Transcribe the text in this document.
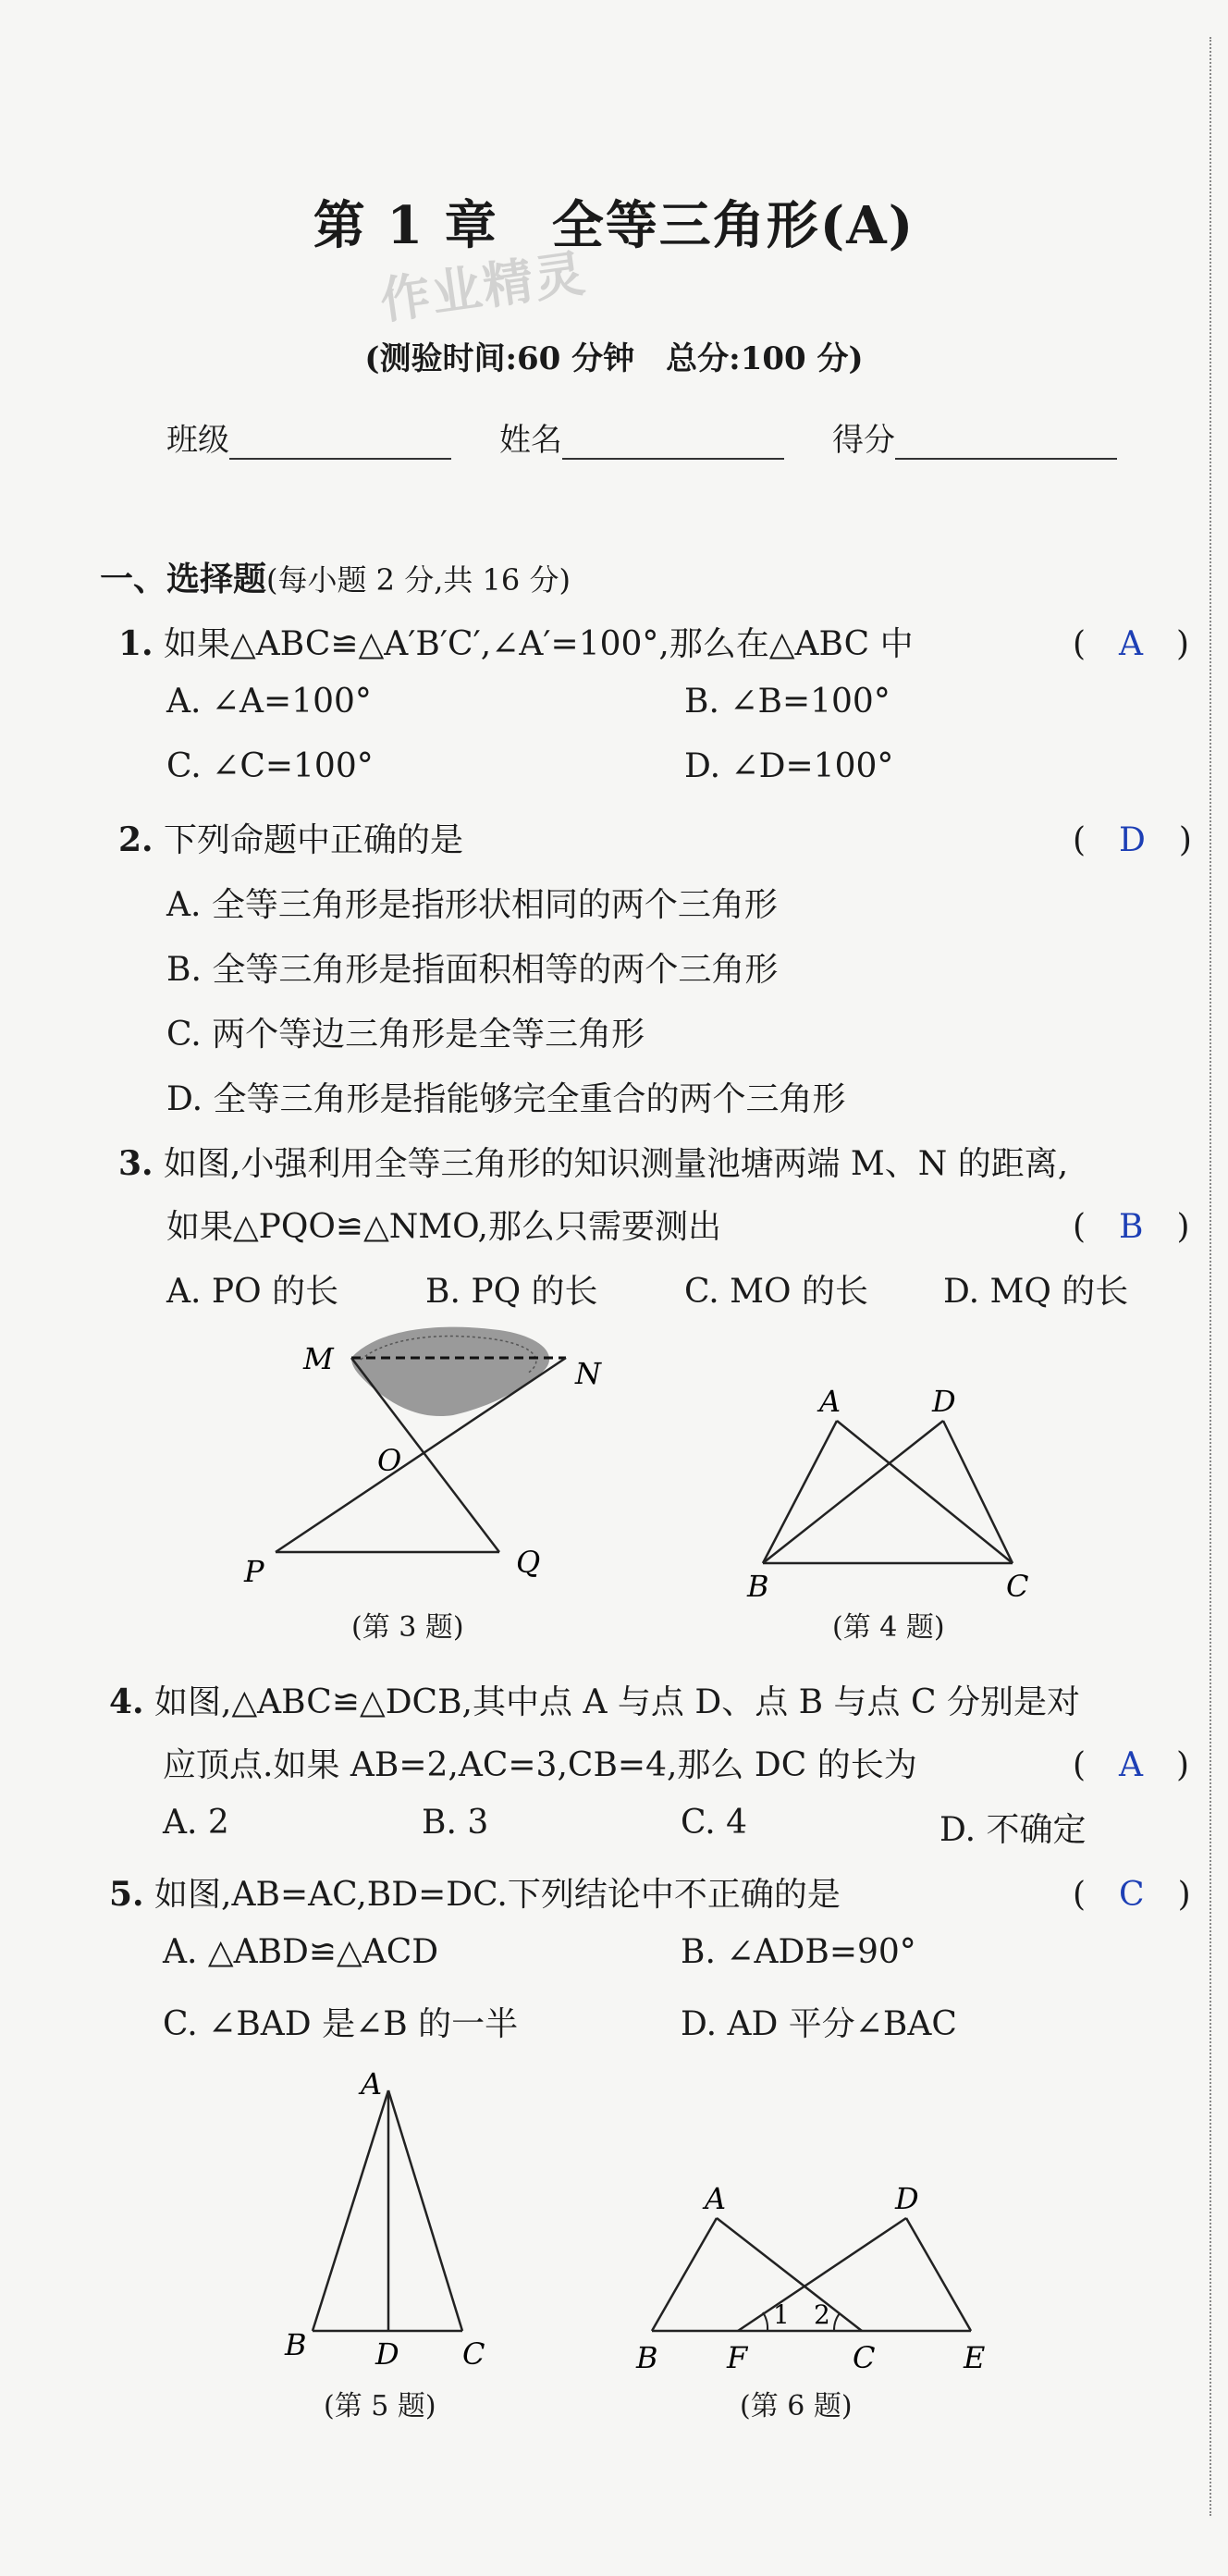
第 1 章　全等三角形(A)
作业精灵
(测验时间:60 分钟　总分:100 分)
班级	姓名	得分
一、选择题(每小题 2 分,共 16 分)
1. 如果△ABC≌△A′B′C′,∠A′=100°,那么在△ABC 中	(　A　)
A. ∠A=100°	B. ∠B=100°
C. ∠C=100°	D. ∠D=100°
2. 下列命题中正确的是	(　D　)
A. 全等三角形是指形状相同的两个三角形
B. 全等三角形是指面积相等的两个三角形
C. 两个等边三角形是全等三角形
D. 全等三角形是指能够完全重合的两个三角形
3. 如图,小强利用全等三角形的知识测量池塘两端 M、N 的距离,
如果△PQO≌△NMO,那么只需要测出	(　B　)
A. PO 的长	B. PQ 的长	C. MO 的长 D. MQ 的长
M	N
O
P	Q
(第 3 题)
A	D
B	C
(第 4 题)
4. 如图,△ABC≌△DCB,其中点 A 与点 D、点 B 与点 C 分别是对
应顶点.如果 AB=2,AC=3,CB=4,那么 DC 的长为	(　A　)
A. 2	B. 3	C. 4	D. 不确定
5. 如图,AB=AC,BD=DC.下列结论中不正确的是	(　C　)
A. △ABD≌△ACD	B. ∠ADB=90°
C. ∠BAD 是∠B 的一半	D. AD 平分∠BAC
A
B D C
(第 5 题)
A	D
B F	C	E
1 2
(第 6 题)
